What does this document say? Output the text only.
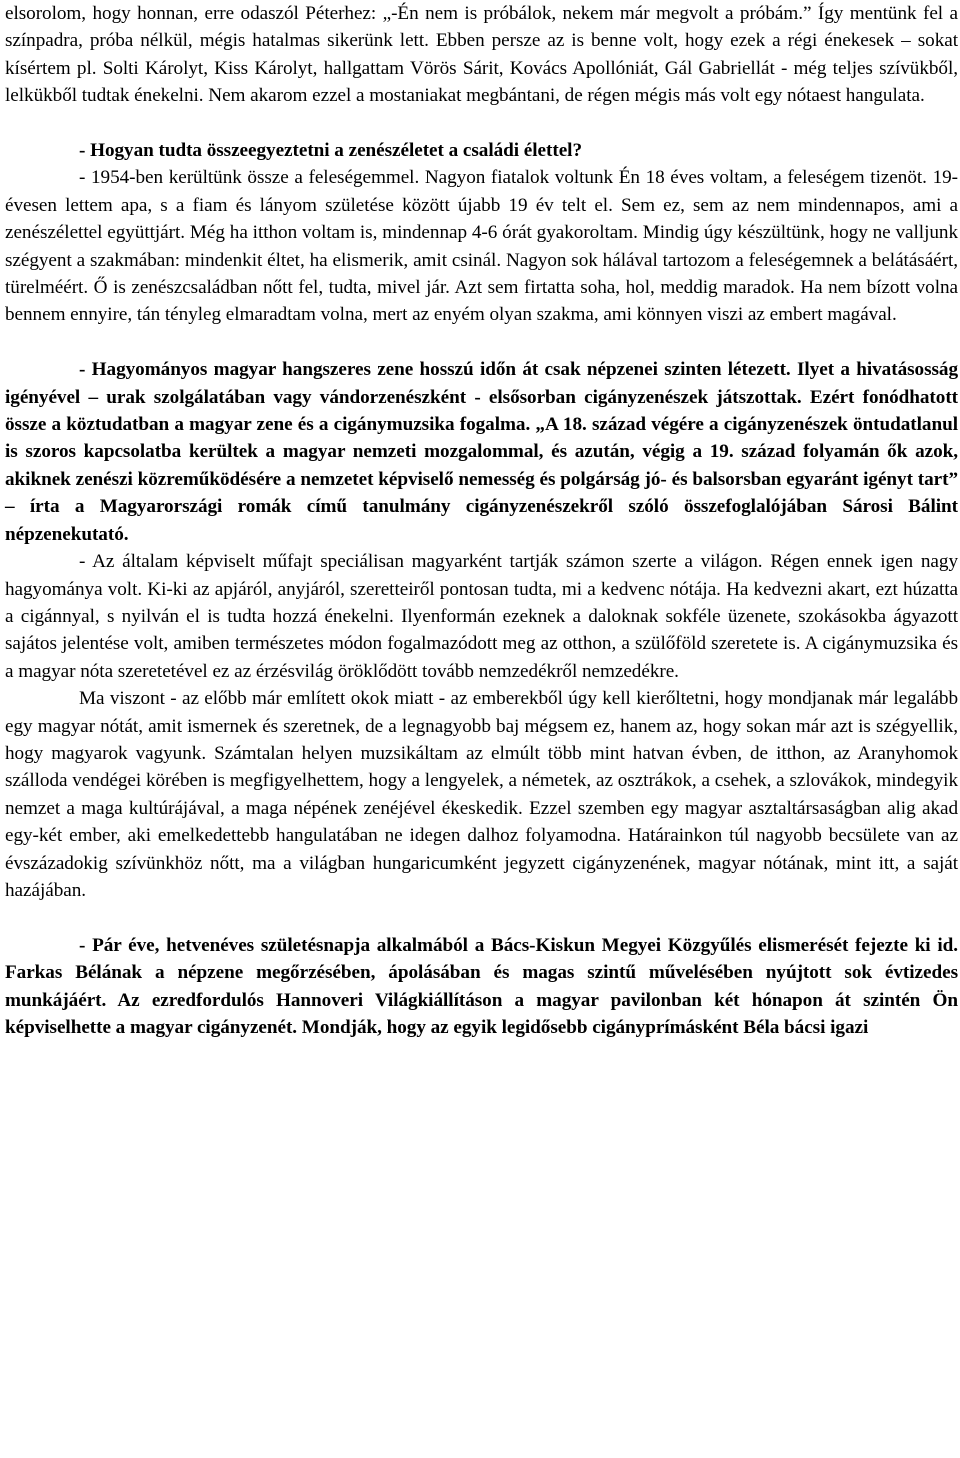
elsorolom, hogy honnan, erre odaszól Péterhez: „-Én nem is próbálok, nekem már megvolt a próbám.” Így mentünk fel a színpadra, próba nélkül, mégis hatalmas sikerünk lett. Ebben persze az is benne volt, hogy ezek a régi énekesek – sokat kísértem pl. Solti Károlyt, Kiss Károlyt, hallgattam Vörös Sárit, Kovács Apollóniát, Gál Gabriellát - még teljes szívükből, lelkükből tudtak énekelni. Nem akarom ezzel a mostaniakat megbántani, de régen mégis más volt egy nótaest hangulata.

- Hogyan tudta összeegyeztetni a zenészéletet a családi élettel?

- 1954-ben kerültünk össze a feleségemmel. Nagyon fiatalok voltunk Én 18 éves voltam, a feleségem tizenöt. 19-évesen lettem apa, s a fiam és lányom születése között újabb 19 év telt el. Sem ez, sem az nem mindennapos, ami a zenészélettel együttjárt. Még ha itthon voltam is, mindennap 4-6 órát gyakoroltam. Mindig úgy készültünk, hogy ne valljunk szégyent a szakmában: mindenkit éltet, ha elismerik, amit csinál. Nagyon sok hálával tartozom a feleségemnek a belátásáért, türelméért. Ő is zenészcsaládban nőtt fel, tudta, mivel jár. Azt sem firtatta soha, hol, meddig maradok. Ha nem bízott volna bennem ennyire, tán tényleg elmaradtam volna, mert az enyém olyan szakma, ami könnyen viszi az embert magával.

- Hagyományos magyar hangszeres zene hosszú időn át csak népzenei szinten létezett. Ilyet a hivatásosság igényével – urak szolgálatában vagy vándorzenészként - elsősorban cigányzenészek játszottak. Ezért fonódhatott össze a köztudatban a magyar zene és a cigánymuzsika fogalma. „A 18. század végére a cigányzenészek öntudatlanul is szoros kapcsolatba kerültek a magyar nemzeti mozgalommal, és azután, végig a 19. század folyamán ők azok, akiknek zenészi közreműködésére a nemzetet képviselő nemesség és polgárság jó- és balsorsban egyaránt igényt tart” – írta a Magyarországi romák című tanulmány cigányzenészekről szóló összefoglalójában Sárosi Bálint népzenekutató.

- Az általam képviselt műfajt speciálisan magyarként tartják számon szerte a világon. Régen ennek igen nagy hagyománya volt. Ki-ki az apjáról, anyjáról, szeretteiről pontosan tudta, mi a kedvenc nótája. Ha kedvezni akart, ezt húzatta a cigánnyal, s nyilván el is tudta hozzá énekelni. Ilyenformán ezeknek a daloknak sokféle üzenete, szokásokba ágyazott sajátos jelentése volt, amiben természetes módon fogalmazódott meg az otthon, a szülőföld szeretete is. A cigánymuzsika és a magyar nóta szeretetével ez az érzésvilág öröklődött tovább nemzedékről nemzedékre.

Ma viszont - az előbb már említett okok miatt - az emberekből úgy kell kierőltetni, hogy mondjanak már legalább egy magyar nótát, amit ismernek és szeretnek, de a legnagyobb baj mégsem ez, hanem az, hogy sokan már azt is szégyellik, hogy magyarok vagyunk. Számtalan helyen muzsikáltam az elmúlt több mint hatvan évben, de itthon, az Aranyhomok szálloda vendégei körében is megfigyelhettem, hogy a lengyelek, a németek, az osztrákok, a csehek, a szlovákok, mindegyik nemzet a maga kultúrájával, a maga népének zenéjével ékeskedik. Ezzel szemben egy magyar asztaltársaságban alig akad egy-két ember, aki emelkedettebb hangulatában ne idegen dalhoz folyamodna. Határainkon túl nagyobb becsülete van az évszázadokig szívünkhöz nőtt, ma a világban hungaricumként jegyzett cigányzenének, magyar nótának, mint itt, a saját hazájában.

- Pár éve, hetvenéves születésnapja alkalmából a Bács-Kiskun Megyei Közgyűlés elismerését fejezte ki id. Farkas Bélának a népzene megőrzésében, ápolásában és magas szintű művelésében nyújtott sok évtizedes munkájáért. Az ezredfordulós Hannoveri Világkiállításon a magyar pavilonban két hónapon át szintén Ön képviselhette a magyar cigányzenét. Mondják, hogy az egyik legidősebb cigányprímásként Béla bácsi igazi
